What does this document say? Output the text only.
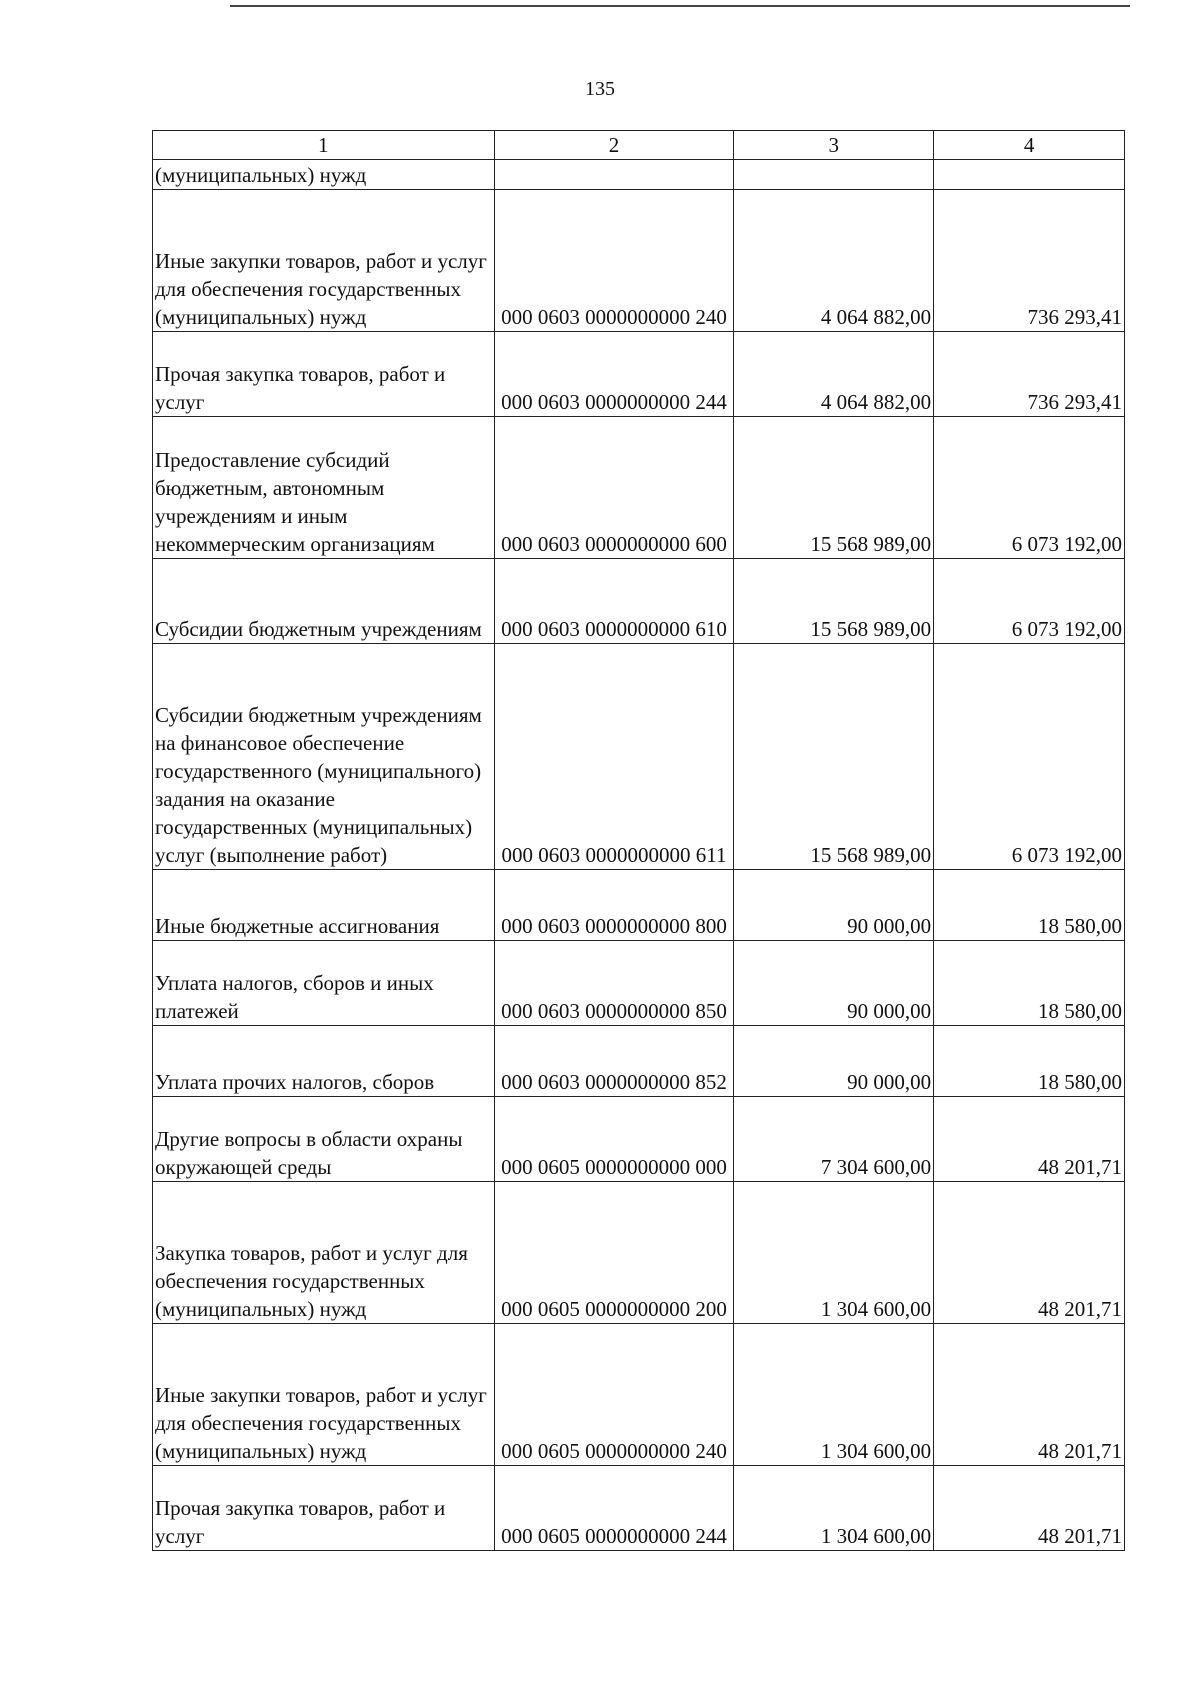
135
1	2	3	4
(муниципальных) нужд			
Иные закупки товаров, работ и услуг для обеспечения государственных (муниципальных) нужд	000 0603 0000000000 240	4 064 882,00	736 293,41
Прочая закупка товаров, работ и услуг	000 0603 0000000000 244	4 064 882,00	736 293,41
Предоставление субсидий бюджетным, автономным учреждениям и иным некоммерческим организациям	000 0603 0000000000 600	15 568 989,00	6 073 192,00
Субсидии бюджетным учреждениям	000 0603 0000000000 610	15 568 989,00	6 073 192,00
Субсидии бюджетным учреждениям на финансовое обеспечение государственного (муниципального) задания на оказание государственных (муниципальных) услуг (выполнение работ)	000 0603 0000000000 611	15 568 989,00	6 073 192,00
Иные бюджетные ассигнования	000 0603 0000000000 800	90 000,00	18 580,00
Уплата налогов, сборов и иных платежей	000 0603 0000000000 850	90 000,00	18 580,00
Уплата прочих налогов, сборов	000 0603 0000000000 852	90 000,00	18 580,00
Другие вопросы в области охраны окружающей среды	000 0605 0000000000 000	7 304 600,00	48 201,71
Закупка товаров, работ и услуг для обеспечения государственных (муниципальных) нужд	000 0605 0000000000 200	1 304 600,00	48 201,71
Иные закупки товаров, работ и услуг для обеспечения государственных (муниципальных) нужд	000 0605 0000000000 240	1 304 600,00	48 201,71
Прочая закупка товаров, работ и услуг	000 0605 0000000000 244	1 304 600,00	48 201,71
